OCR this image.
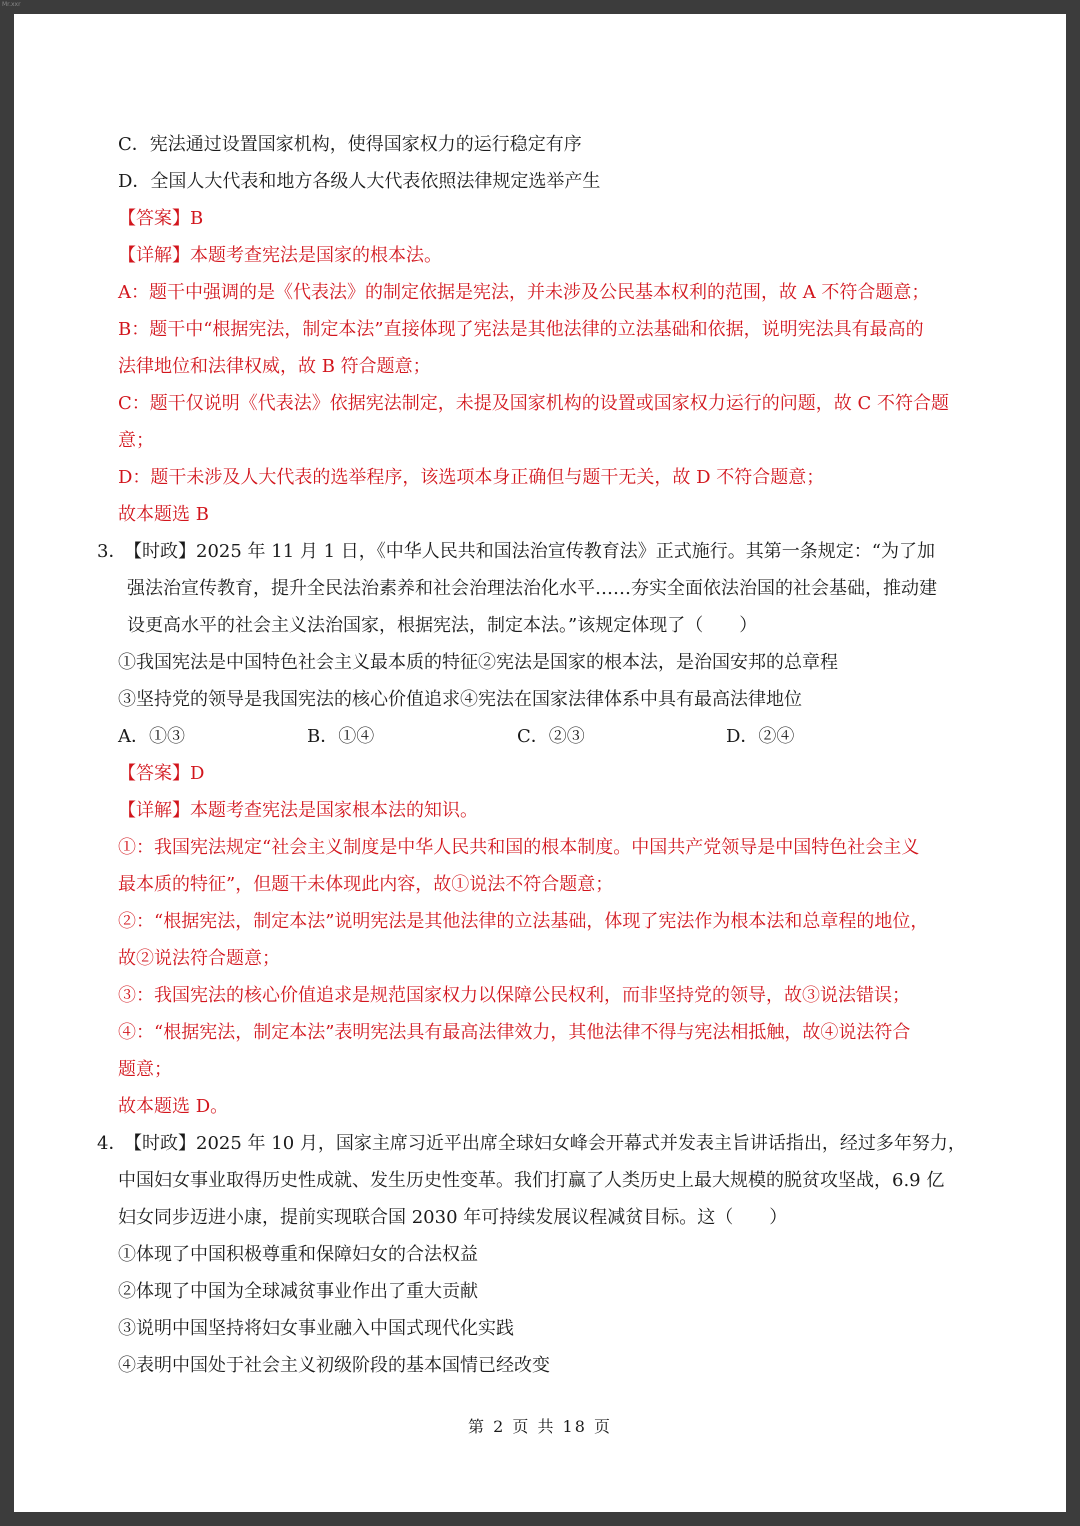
Mr.xxr
C．宪法通过设置国家机构，使得国家权力的运行稳定有序
D．全国人大代表和地方各级人大代表依照法律规定选举产生
【答案】B
【详解】本题考查宪法是国家的根本法。
A：题干中强调的是《代表法》的制定依据是宪法，并未涉及公民基本权利的范围，故 A 不符合题意；
B：题干中“根据宪法，制定本法”直接体现了宪法是其他法律的立法基础和依据，说明宪法具有最高的
法律地位和法律权威，故 B 符合题意；
C：题干仅说明《代表法》依据宪法制定，未提及国家机构的设置或国家权力运行的问题，故 C 不符合题
意；
D：题干未涉及人大代表的选举程序，该选项本身正确但与题干无关，故 D 不符合题意；
故本题选 B
3．
【时政】2025 年 11 月 1 日，《中华人民共和国法治宣传教育法》正式施行。其第一条规定：“为了加
强法治宣传教育，提升全民法治素养和社会治理法治化水平……夯实全面依法治国的社会基础，推动建
设更高水平的社会主义法治国家，根据宪法，制定本法。”该规定体现了（　　）
①我国宪法是中国特色社会主义最本质的特征②宪法是国家的根本法，是治国安邦的总章程
③坚持党的领导是我国宪法的核心价值追求④宪法在国家法律体系中具有最高法律地位
A．①③	B．①④	C．②③	D．②④
【答案】D
【详解】本题考查宪法是国家根本法的知识。
①：我国宪法规定“社会主义制度是中华人民共和国的根本制度。中国共产党领导是中国特色社会主义
最本质的特征”，但题干未体现此内容，故①说法不符合题意；
②：“根据宪法，制定本法”说明宪法是其他法律的立法基础，体现了宪法作为根本法和总章程的地位，
故②说法符合题意；
③：我国宪法的核心价值追求是规范国家权力以保障公民权利，而非坚持党的领导，故③说法错误；
④：“根据宪法，制定本法”表明宪法具有最高法律效力，其他法律不得与宪法相抵触，故④说法符合
题意；
故本题选 D。
4．
【时政】2025 年 10 月，国家主席习近平出席全球妇女峰会开幕式并发表主旨讲话指出，经过多年努力，
中国妇女事业取得历史性成就、发生历史性变革。我们打赢了人类历史上最大规模的脱贫攻坚战，6.9 亿
妇女同步迈进小康，提前实现联合国 2030 年可持续发展议程减贫目标。这（　　）
①体现了中国积极尊重和保障妇女的合法权益
②体现了中国为全球减贫事业作出了重大贡献
③说明中国坚持将妇女事业融入中国式现代化实践
④表明中国处于社会主义初级阶段的基本国情已经改变
第 2 页 共 18 页
